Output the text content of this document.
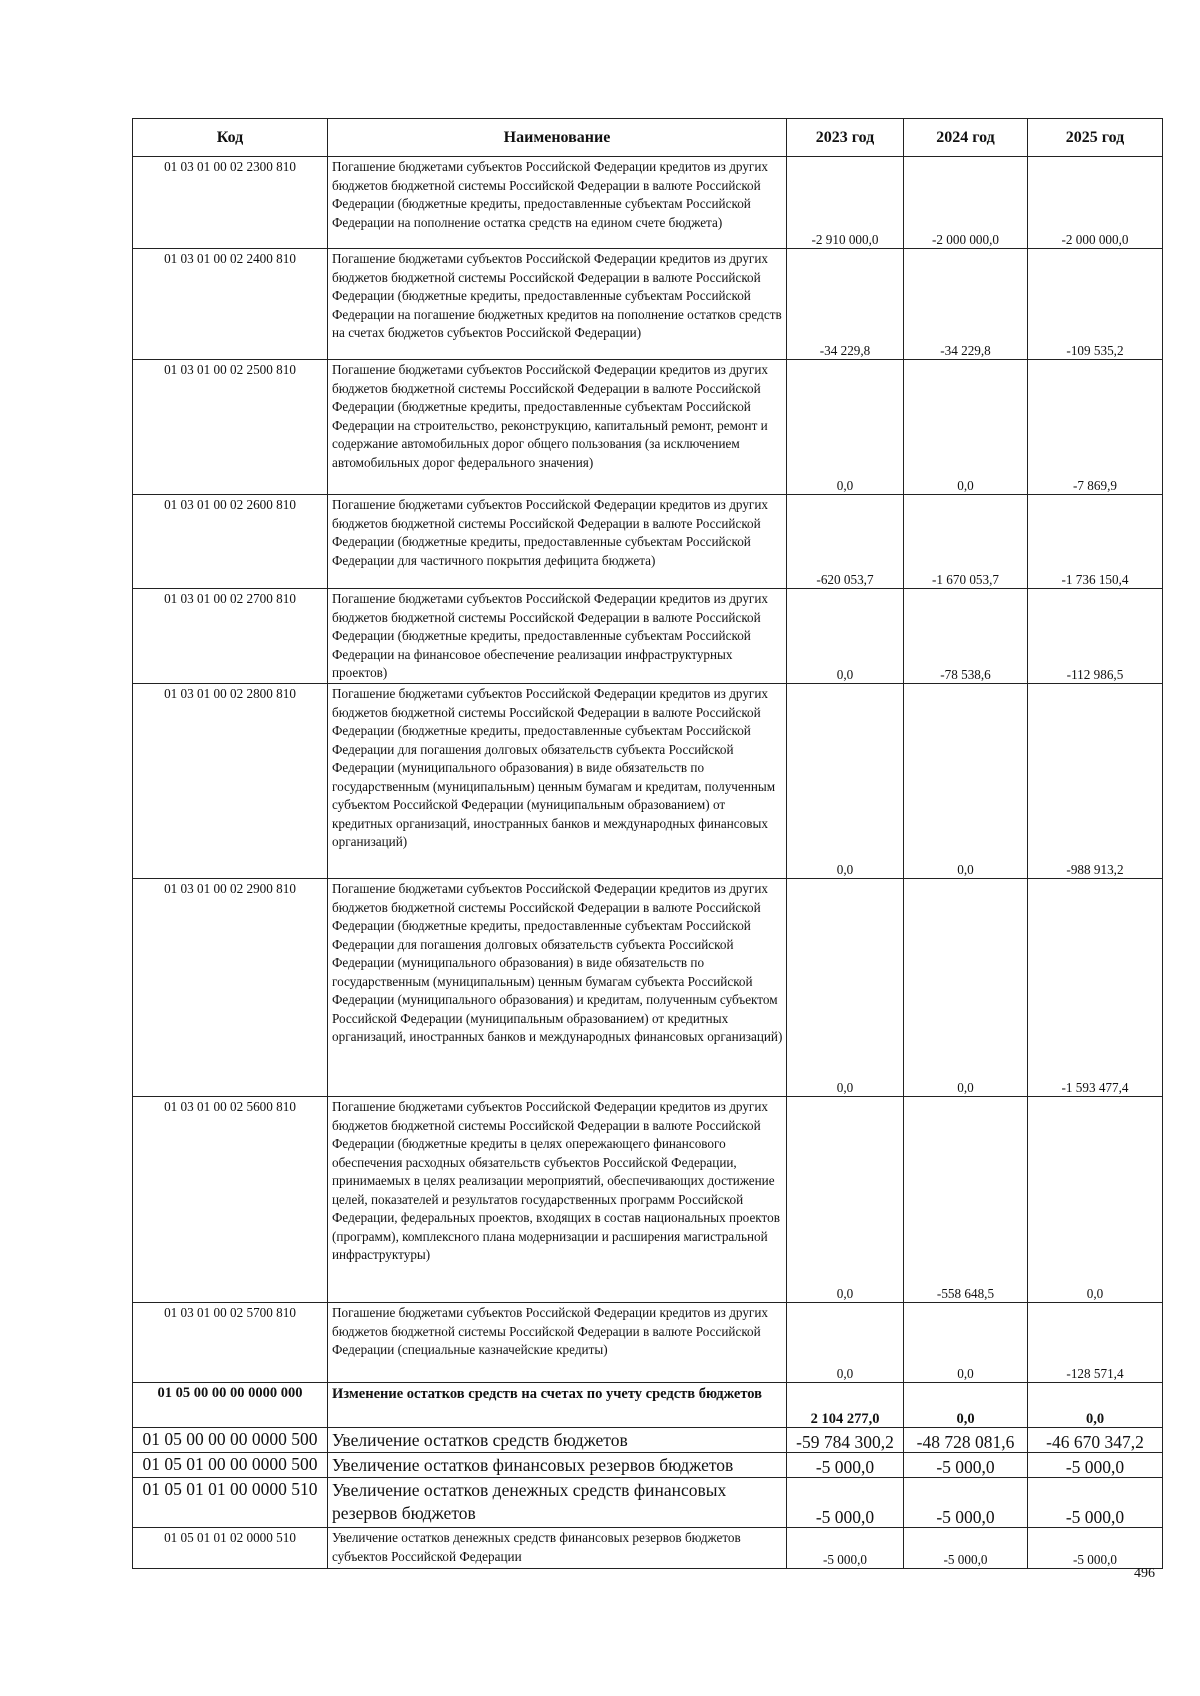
Код	Наименование	2023 год	2024 год	2025 год
01 03 01 00 02 2300 810	Погашение бюджетами субъектов Российской Федерации кредитов из других бюджетов бюджетной системы Российской Федерации в валюте Российской Федерации (бюджетные кредиты, предоставленные субъектам Российской Федерации на пополнение остатка средств на едином счете бюджета)	-2 910 000,0	-2 000 000,0	-2 000 000,0
01 03 01 00 02 2400 810	Погашение бюджетами субъектов Российской Федерации кредитов из других бюджетов бюджетной системы Российской Федерации в валюте Российской Федерации (бюджетные кредиты, предоставленные субъектам Российской Федерации на погашение бюджетных кредитов на пополнение остатков средств на счетах бюджетов субъектов Российской Федерации)	-34 229,8	-34 229,8	-109 535,2
01 03 01 00 02 2500 810	Погашение бюджетами субъектов Российской Федерации кредитов из других бюджетов бюджетной системы Российской Федерации в валюте Российской Федерации (бюджетные кредиты, предоставленные субъектам Российской Федерации на строительство, реконструкцию, капитальный ремонт, ремонт и содержание автомобильных дорог общего пользования (за исключением автомобильных дорог федерального значения)	0,0	0,0	-7 869,9
01 03 01 00 02 2600 810	Погашение бюджетами субъектов Российской Федерации кредитов из других бюджетов бюджетной системы Российской Федерации в валюте Российской Федерации (бюджетные кредиты, предоставленные субъектам Российской Федерации для частичного покрытия дефицита бюджета)	-620 053,7	-1 670 053,7	-1 736 150,4
01 03 01 00 02 2700 810	Погашение бюджетами субъектов Российской Федерации кредитов из других бюджетов бюджетной системы Российской Федерации в валюте Российской Федерации (бюджетные кредиты, предоставленные субъектам Российской Федерации на финансовое обеспечение реализации инфраструктурных проектов)	0,0	-78 538,6	-112 986,5
01 03 01 00 02 2800 810	Погашение бюджетами субъектов Российской Федерации кредитов из других бюджетов бюджетной системы Российской Федерации в валюте Российской Федерации (бюджетные кредиты, предоставленные субъектам Российской Федерации для погашения долговых обязательств субъекта Российской Федерации (муниципального образования) в виде обязательств по государственным (муниципальным) ценным бумагам и кредитам, полученным субъектом Российской Федерации (муниципальным образованием) от кредитных организаций, иностранных банков и международных финансовых организаций)	0,0	0,0	-988 913,2
01 03 01 00 02 2900 810	Погашение бюджетами субъектов Российской Федерации кредитов из других бюджетов бюджетной системы Российской Федерации в валюте Российской Федерации (бюджетные кредиты, предоставленные субъектам Российской Федерации для погашения долговых обязательств субъекта Российской Федерации (муниципального образования) в виде обязательств по государственным (муниципальным) ценным бумагам субъекта Российской Федерации (муниципального образования) и кредитам, полученным субъектом Российской Федерации (муниципальным образованием) от кредитных организаций, иностранных банков и международных финансовых организаций)	0,0	0,0	-1 593 477,4
01 03 01 00 02 5600 810	Погашение бюджетами субъектов Российской Федерации кредитов из других бюджетов бюджетной системы Российской Федерации в валюте Российской Федерации (бюджетные кредиты в целях опережающего финансового обеспечения расходных обязательств субъектов Российской Федерации, принимаемых в целях реализации мероприятий, обеспечивающих достижение целей, показателей и результатов государственных программ Российской Федерации, федеральных проектов, входящих в состав национальных проектов (программ), комплексного плана модернизации и расширения магистральной инфраструктуры)	0,0	-558 648,5	0,0
01 03 01 00 02 5700 810	Погашение бюджетами субъектов Российской Федерации кредитов из других бюджетов бюджетной системы Российской Федерации в валюте Российской Федерации (специальные казначейские кредиты)	0,0	0,0	-128 571,4
01 05 00 00 00 0000 000	Изменение остатков средств на счетах по учету средств бюджетов	2 104 277,0	0,0	0,0
01 05 00 00 00 0000 500	Увеличение остатков средств бюджетов	-59 784 300,2	-48 728 081,6	-46 670 347,2
01 05 01 00 00 0000 500	Увеличение остатков финансовых резервов бюджетов	-5 000,0	-5 000,0	-5 000,0
01 05 01 01 00 0000 510	Увеличение остатков денежных средств финансовых резервов бюджетов	-5 000,0	-5 000,0	-5 000,0
01 05 01 01 02 0000 510	Увеличение остатков денежных средств финансовых резервов бюджетов субъектов Российской Федерации	-5 000,0	-5 000,0	-5 000,0
496
